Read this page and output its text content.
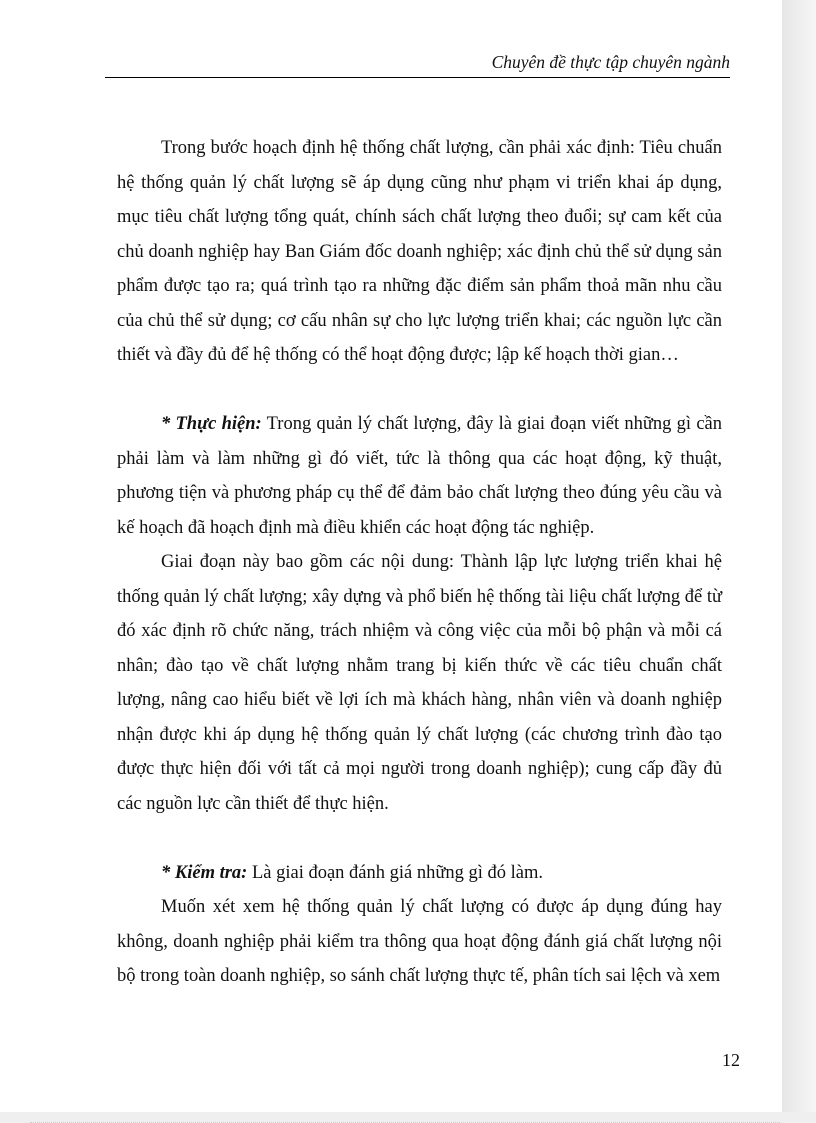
Chuyên đề thực tập chuyên ngành

Trong bước hoạch định hệ thống chất lượng, cần phải xác định: Tiêu chuẩn hệ thống quản lý chất lượng sẽ áp dụng cũng như phạm vi triển khai áp dụng, mục tiêu chất lượng tổng quát, chính sách chất lượng theo đuổi; sự cam kết của chủ doanh nghiệp hay Ban Giám đốc doanh nghiệp; xác định chủ thể sử dụng sản phẩm được tạo ra; quá trình tạo ra những đặc điểm sản phẩm thoả mãn nhu cầu của chủ thể sử dụng; cơ cấu nhân sự cho lực lượng triển khai; các nguồn lực cần thiết và đầy đủ để hệ thống có thể hoạt động được; lập kế hoạch thời gian…

* Thực hiện: Trong quản lý chất lượng, đây là giai đoạn viết những gì cần phải làm và làm những gì đó viết, tức là thông qua các hoạt động, kỹ thuật, phương tiện và phương pháp cụ thể để đảm bảo chất lượng theo đúng yêu cầu và kế hoạch đã hoạch định mà điều khiển các hoạt động tác nghiệp.

Giai đoạn này bao gồm các nội dung: Thành lập lực lượng triển khai hệ thống quản lý chất lượng; xây dựng và phổ biến hệ thống tài liệu chất lượng để từ đó xác định rõ chức năng, trách nhiệm và công việc của mỗi bộ phận và mỗi cá nhân; đào tạo về chất lượng nhằm trang bị kiến thức về các tiêu chuẩn chất lượng, nâng cao hiểu biết về lợi ích mà khách hàng, nhân viên và doanh nghiệp nhận được khi áp dụng hệ thống quản lý chất lượng (các chương trình đào tạo được thực hiện đối với tất cả mọi người trong doanh nghiệp); cung cấp đầy đủ các nguồn lực cần thiết để thực hiện.

* Kiểm tra: Là giai đoạn đánh giá những gì đó làm.

Muốn xét xem hệ thống quản lý chất lượng có được áp dụng đúng hay không, doanh nghiệp phải kiểm tra thông qua hoạt động đánh giá chất lượng nội bộ trong toàn doanh nghiệp, so sánh chất lượng thực tế, phân tích sai lệch và xem

12
